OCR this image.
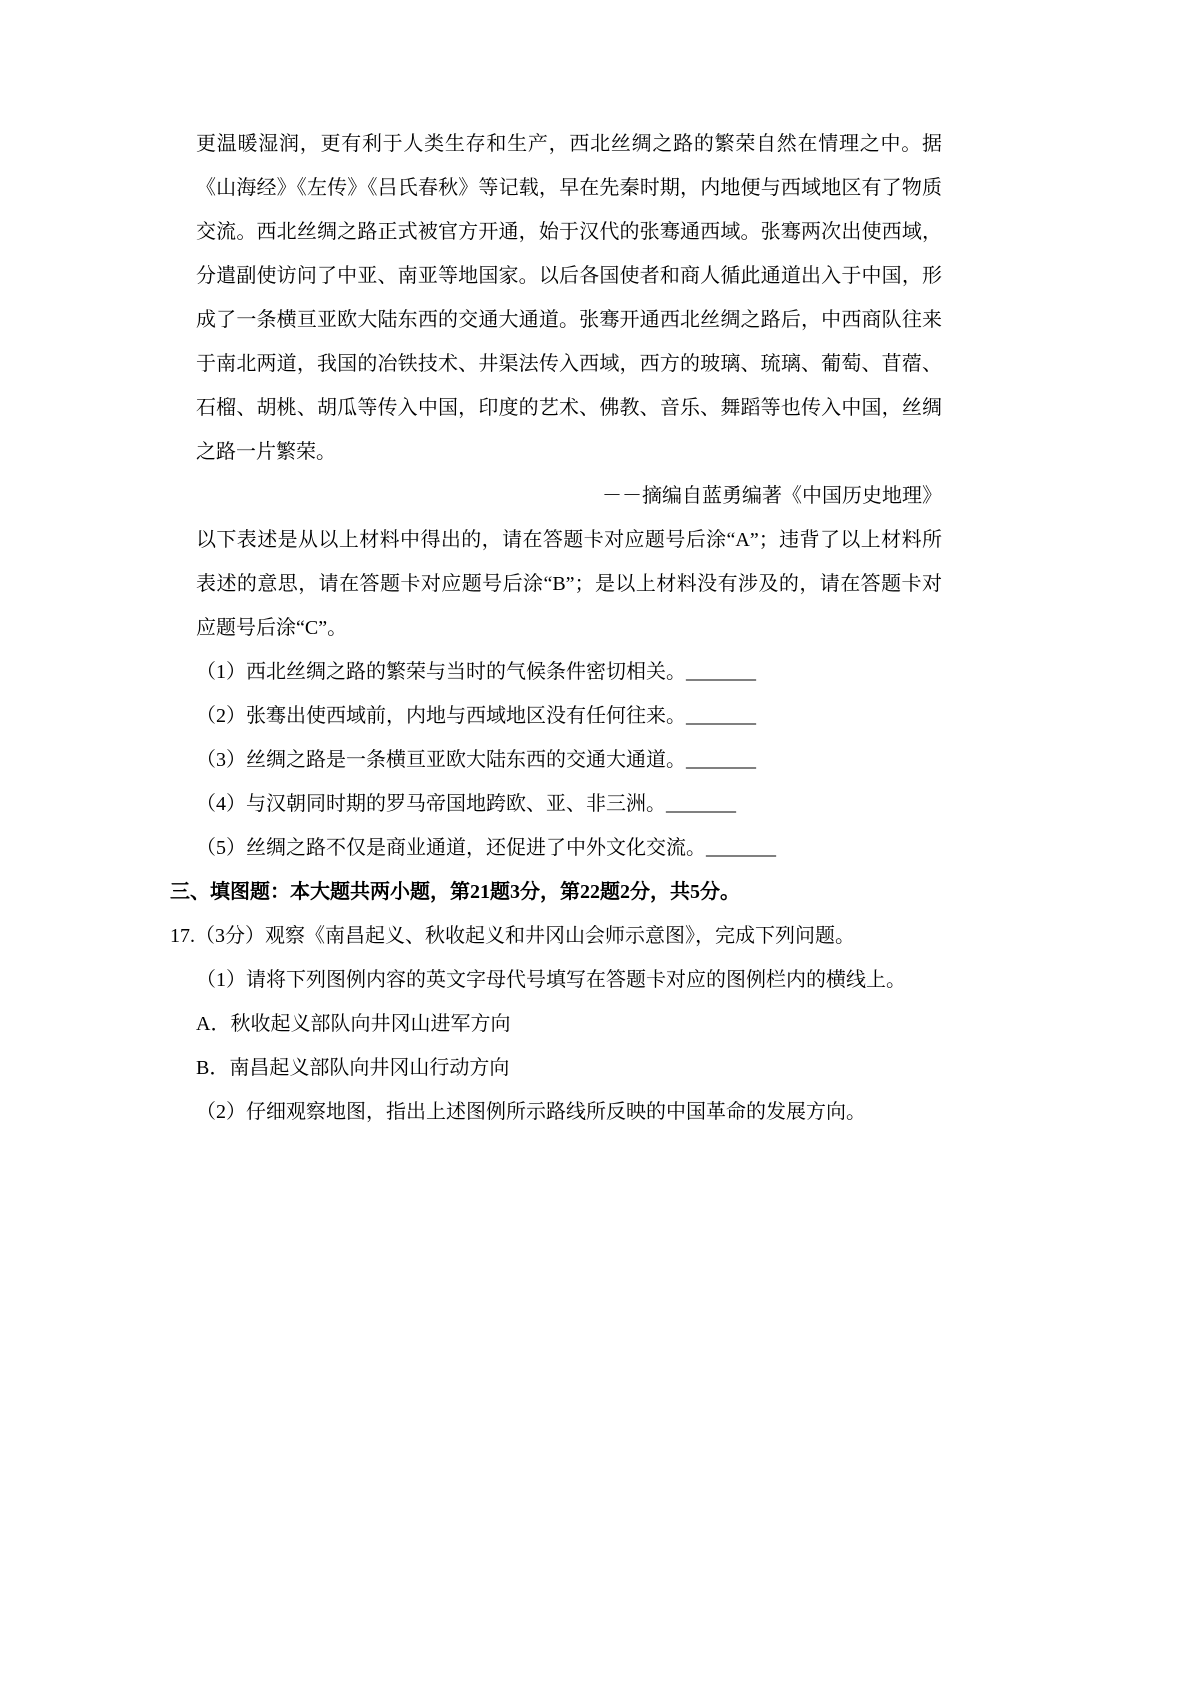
更温暖湿润，更有利于人类生存和生产，西北丝绸之路的繁荣自然在情理之中。据《山海经》《左传》《吕氏春秋》等记载，早在先秦时期，内地便与西域地区有了物质交流。西北丝绸之路正式被官方开通，始于汉代的张骞通西域。张骞两次出使西域，分遣副使访问了中亚、南亚等地国家。以后各国使者和商人循此通道出入于中国，形成了一条横亘亚欧大陆东西的交通大通道。张骞开通西北丝绸之路后，中西商队往来于南北两道，我国的冶铁技术、井渠法传入西域，西方的玻璃、琉璃、葡萄、苜蓿、石榴、胡桃、胡瓜等传入中国，印度的艺术、佛教、音乐、舞蹈等也传入中国，丝绸之路一片繁荣。

－－摘编自蓝勇编著《中国历史地理》

以下表述是从以上材料中得出的，请在答题卡对应题号后涂“A”；违背了以上材料所表述的意思，请在答题卡对应题号后涂“B”；是以上材料没有涉及的，请在答题卡对应题号后涂“C”。

（1）西北丝绸之路的繁荣与当时的气候条件密切相关。_______

（2）张骞出使西域前，内地与西域地区没有任何往来。_______

（3）丝绸之路是一条横亘亚欧大陆东西的交通大通道。_______

（4）与汉朝同时期的罗马帝国地跨欧、亚、非三洲。_______

（5）丝绸之路不仅是商业通道，还促进了中外文化交流。_______

三、填图题：本大题共两小题，第21题3分，第22题2分，共5分。

17.（3分）观察《南昌起义、秋收起义和井冈山会师示意图》，完成下列问题。

（1）请将下列图例内容的英文字母代号填写在答题卡对应的图例栏内的横线上。

A．秋收起义部队向井冈山进军方向

B．南昌起义部队向井冈山行动方向

（2）仔细观察地图，指出上述图例所示路线所反映的中国革命的发展方向。
